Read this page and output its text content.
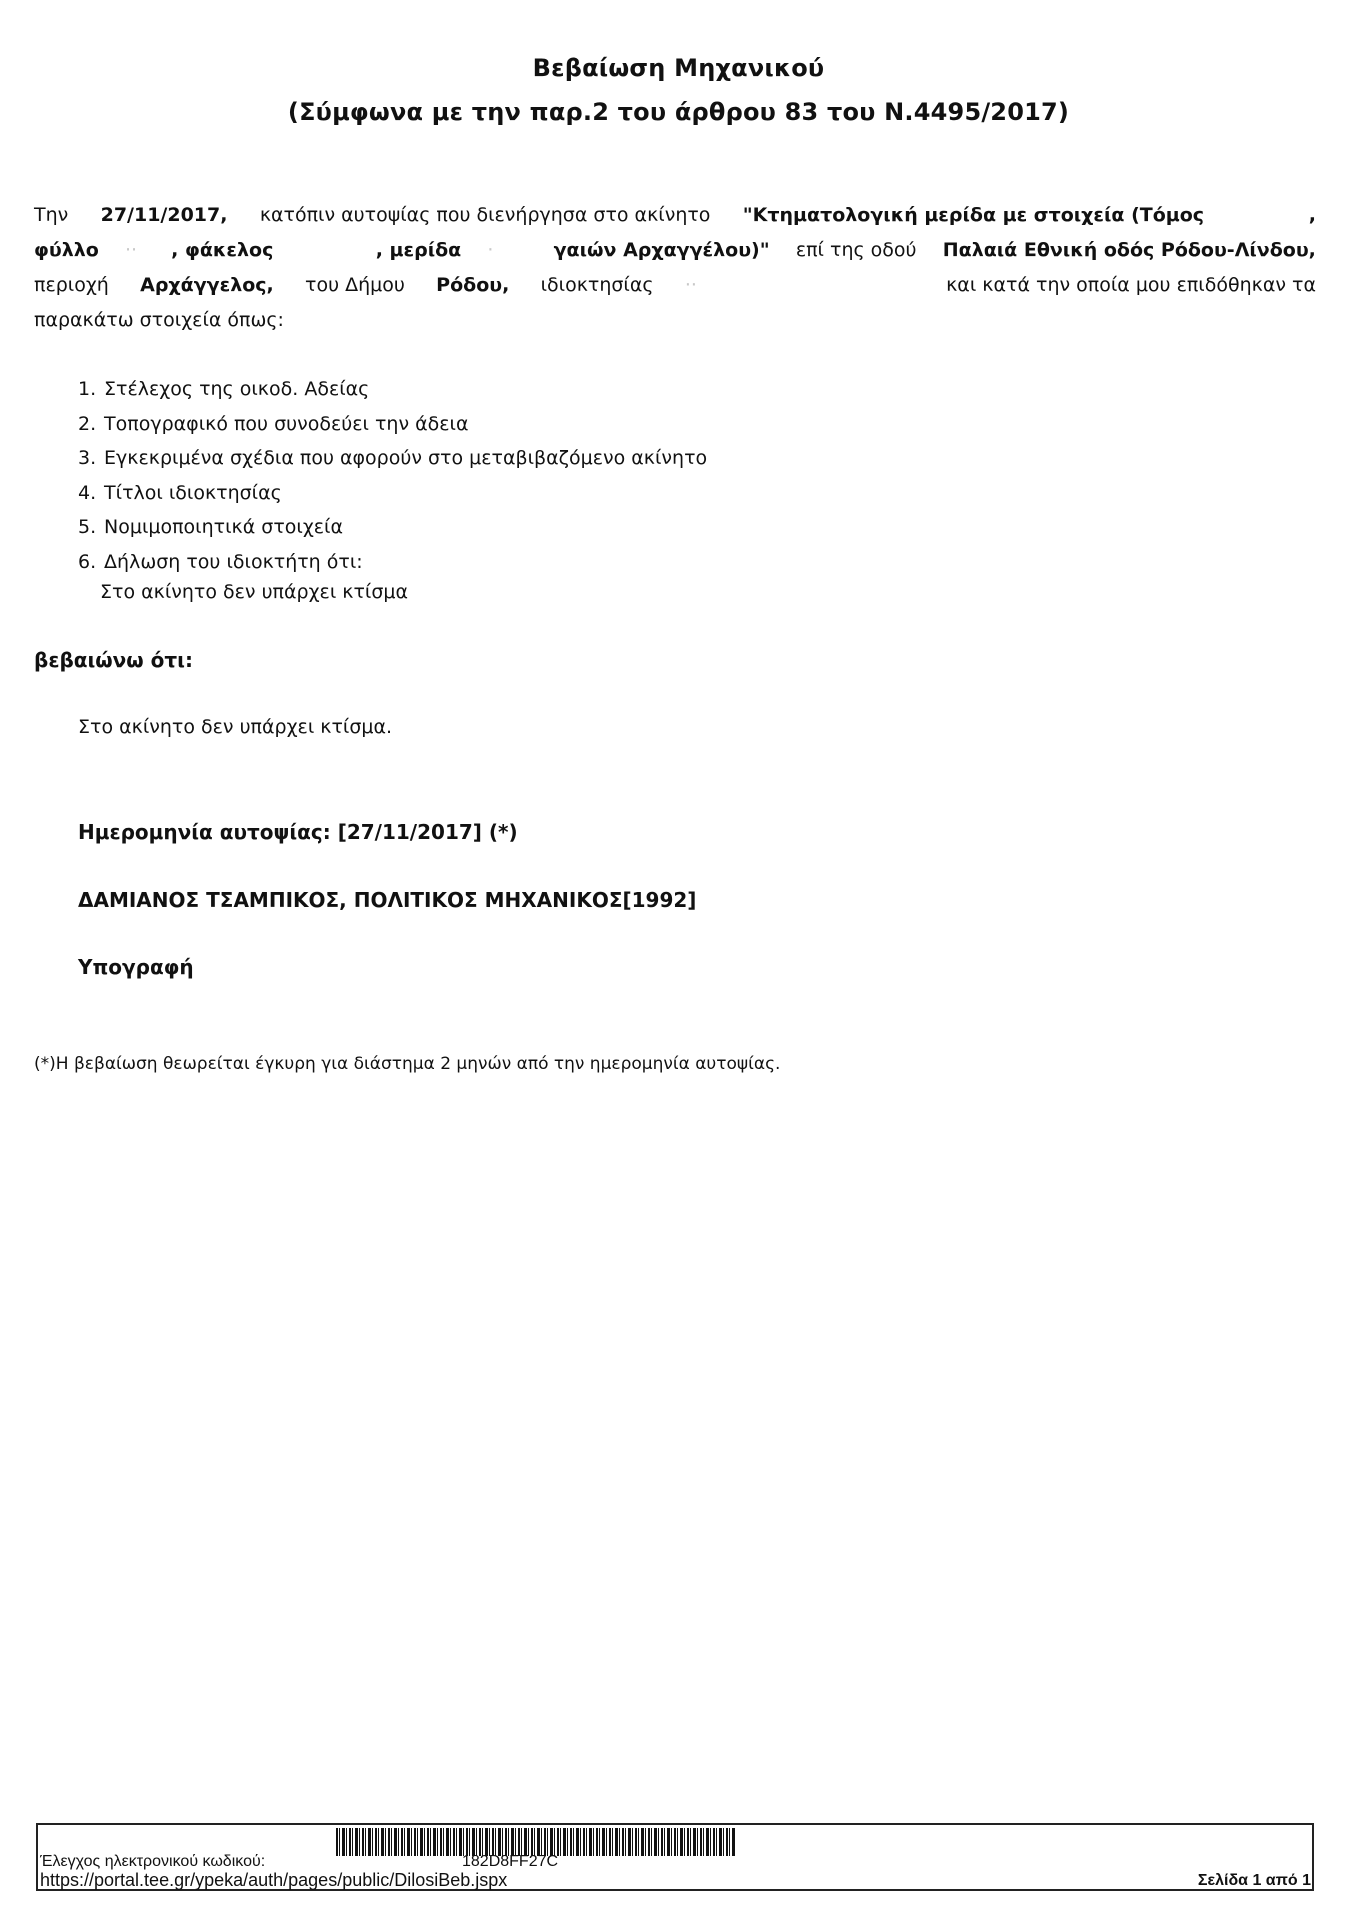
Βεβαίωση Μηχανικού
(Σύμφωνα με την παρ.2 του άρθρου 83 του Ν.4495/2017)
Την 27/11/2017, κατόπιν αυτοψίας που διενήργησα στο ακίνητο "Κτηματολογική μερίδα με στοιχεία (Τόμος	,
φύλλο ··	, φάκελος	, μερίδα ·	γαιών Αρχαγγέλου)" επί της οδού Παλαιά Εθνική οδός Ρόδου-Λίνδου,
περιοχή Αρχάγγελος, του Δήμου Ρόδου, ιδιοκτησίας ··	και κατά την οποία μου επιδόθηκαν τα
παρακάτω στοιχεία όπως:
1. Στέλεχος της οικοδ. Αδείας
2. Τοπογραφικό που συνοδεύει την άδεια
3. Εγκεκριμένα σχέδια που αφορούν στο μεταβιβαζόμενο ακίνητο
4. Τίτλοι ιδιοκτησίας
5. Νομιμοποιητικά στοιχεία
6. Δήλωση του ιδιοκτήτη ότι:
Στο ακίνητο δεν υπάρχει κτίσμα
βεβαιώνω ότι:
Στο ακίνητο δεν υπάρχει κτίσμα.
Ημερομηνία αυτοψίας: [27/11/2017] (*)
ΔΑΜΙΑΝΟΣ ΤΣΑΜΠΙΚΟΣ, ΠΟΛΙΤΙΚΟΣ ΜΗΧΑΝΙΚΟΣ[1992]
Υπογραφή
(*)Η βεβαίωση θεωρείται έγκυρη για διάστημα 2 μηνών από την ημερομηνία αυτοψίας.
Έλεγχος ηλεκτρονικού κωδικού:	182D8FF27C
https://portal.tee.gr/ypeka/auth/pages/public/DilosiBeb.jspx	Σελίδα 1 από 1
